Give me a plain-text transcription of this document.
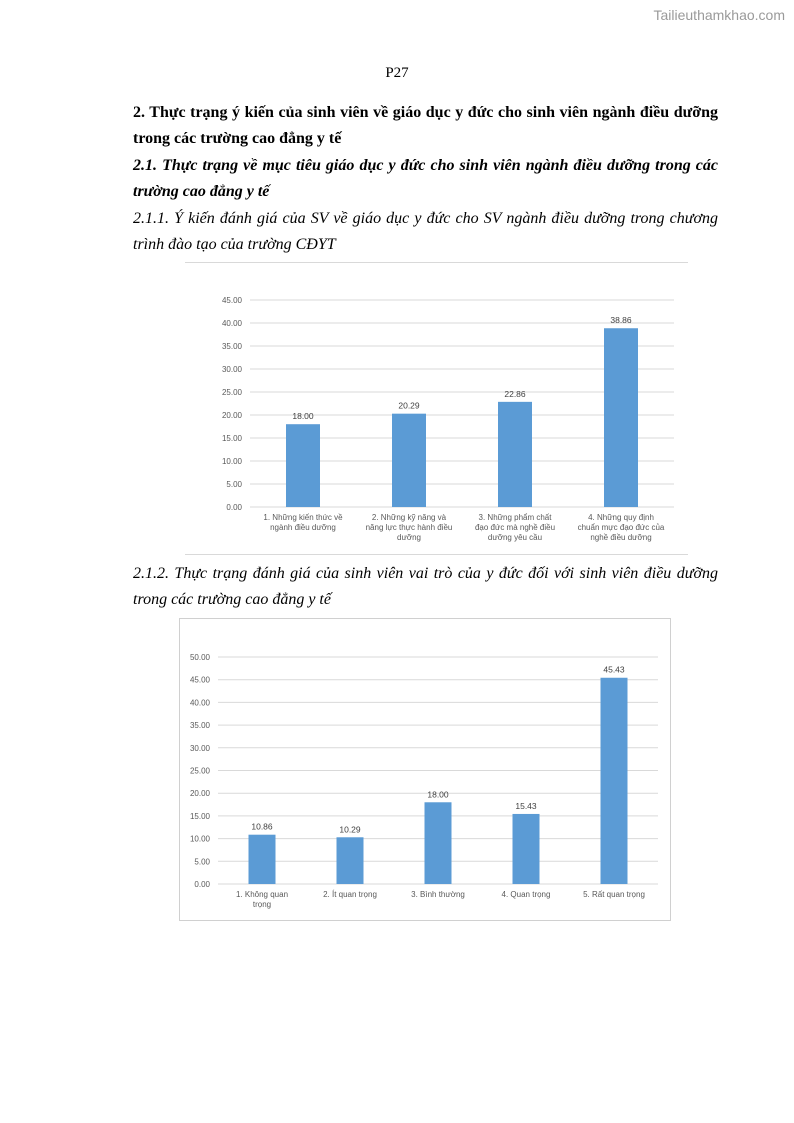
Tailieuthamkhao.com
P27
2. Thực trạng ý kiến của sinh viên về giáo dục y đức cho sinh viên ngành điều dưỡng trong các trường cao đẳng y tế
2.1. Thực trạng về mục tiêu giáo dục y đức cho sinh viên ngành điều dưỡng trong các trường cao đẳng y tế
2.1.1. Ý kiến đánh giá của SV về giáo dục y đức cho SV ngành điều dưỡng trong chương trình đào tạo của trường CĐYT
0.00
5.00
10.00
15.00
20.00
25.00
30.00
35.00
40.00
45.00
18.00
1. Những kiến thức về ngành điều dưỡng
20.29
2. Những kỹ năng và năng lực thực hành điều dưỡng
22.86
3. Những phẩm chất đạo đức mà nghề điều dưỡng yêu cầu
38.86
4. Những quy định chuẩn mực đạo đức của nghề điều dưỡng
2.1.2. Thực trạng đánh giá của sinh viên vai trò của y đức đối với sinh viên điều dưỡng trong các trường cao đẳng y tế
0.00
5.00
10.00
15.00
20.00
25.00
30.00
35.00
40.00
45.00
50.00
10.86
1. Không quan trọng
10.29
2. Ít quan trọng
18.00
3. Bình thường
15.43
4. Quan trọng
45.43
5. Rất quan trọng
